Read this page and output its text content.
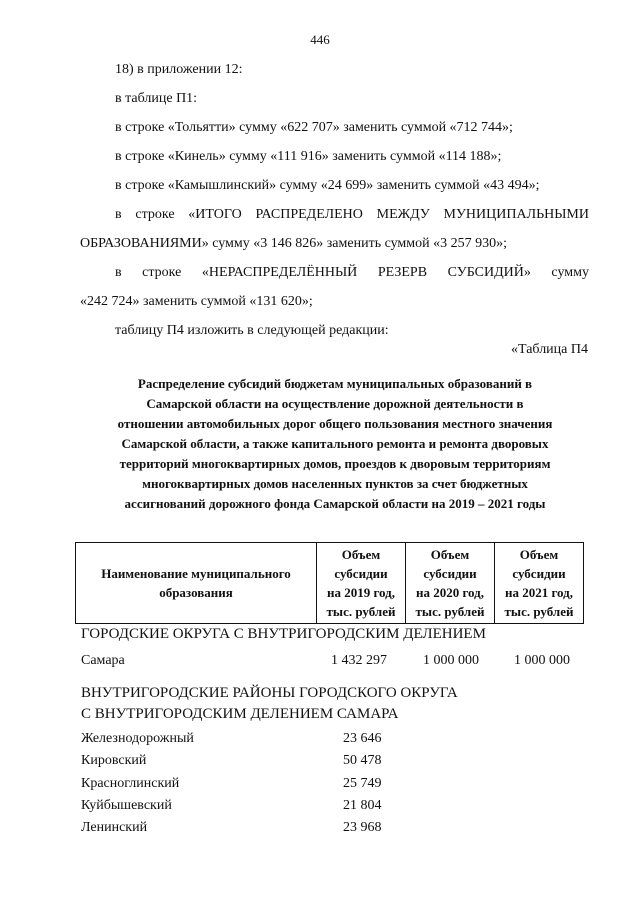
446
18) в приложении 12:
в таблице П1:
в строке «Тольятти» сумму «622 707» заменить суммой «712 744»;
в строке «Кинель» сумму «111 916» заменить суммой «114 188»;
в строке «Камышлинский» сумму «24 699» заменить суммой «43 494»;
в строке «ИТОГО РАСПРЕДЕЛЕНО МЕЖДУ МУНИЦИПАЛЬНЫМИ
ОБРАЗОВАНИЯМИ» сумму «3 146 826» заменить суммой «3 257 930»;
в строке «НЕРАСПРЕДЕЛЁННЫЙ РЕЗЕРВ СУБСИДИЙ» сумму
«242 724» заменить суммой «131 620»;
таблицу П4 изложить в следующей редакции:
«Таблица П4
Распределение субсидий бюджетам муниципальных образований в
Самарской области на осуществление дорожной деятельности в
отношении автомобильных дорог общего пользования местного значения
Самарской области, а также капитального ремонта и ремонта дворовых
территорий многоквартирных домов, проездов к дворовым территориям
многоквартирных домов населенных пунктов за счет бюджетных
ассигнований дорожного фонда Самарской области на 2019 – 2021 годы
Наименование муниципального
образования

Объем
субсидии
на 2019 год,
тыс. рублей

Объем
субсидии
на 2020 год,
тыс. рублей

Объем
субсидии
на 2021 год,
тыс. рублей
ГОРОДСКИЕ ОКРУГА С ВНУТРИГОРОДСКИМ ДЕЛЕНИЕМ
Самара	1 432 297	1 000 000	1 000 000
ВНУТРИГОРОДСКИЕ РАЙОНЫ ГОРОДСКОГО ОКРУГА
С ВНУТРИГОРОДСКИМ ДЕЛЕНИЕМ САМАРА
Железнодорожный	23 646
Кировский	50 478
Красноглинский	25 749
Куйбышевский	21 804
Ленинский	23 968
